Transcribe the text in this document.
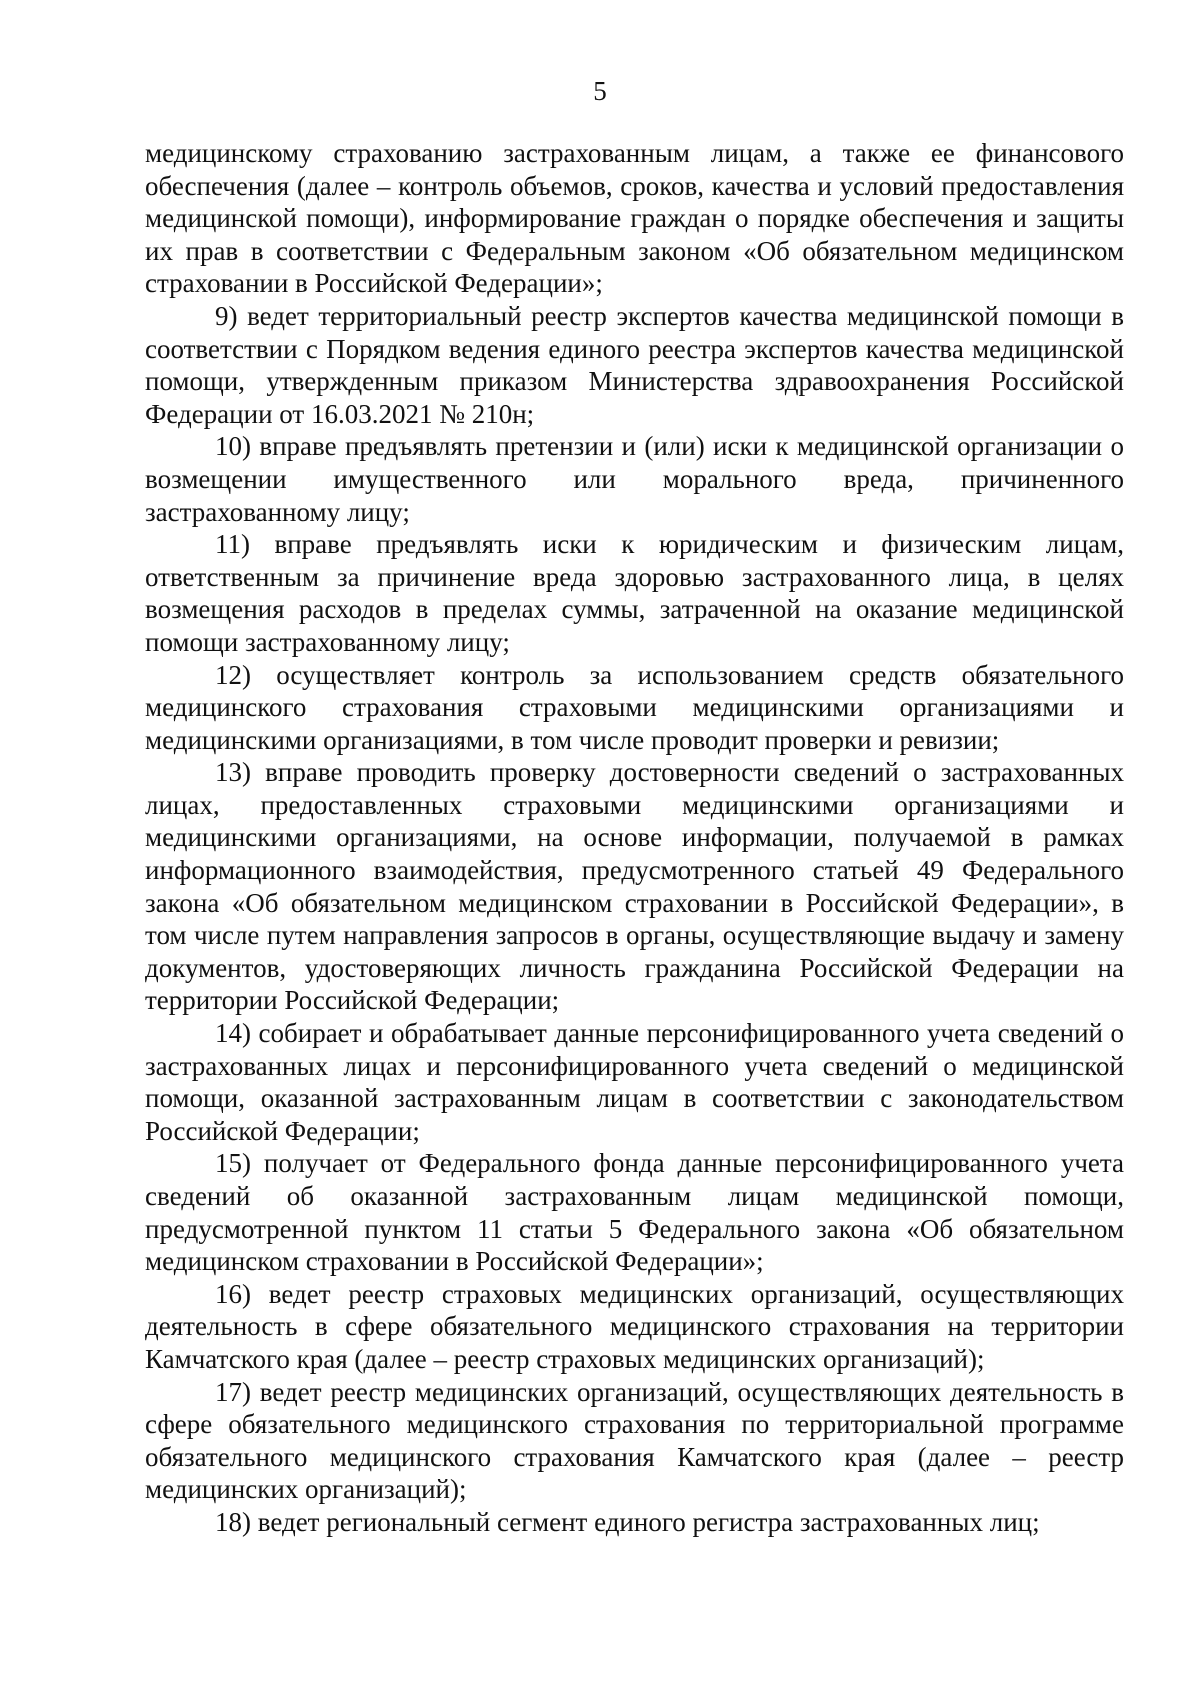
5

медицинскому страхованию застрахованным лицам, а также ее финансового обеспечения (далее – контроль объемов, сроков, качества и условий предоставления медицинской помощи), информирование граждан о порядке обеспечения и защиты их прав в соответствии с Федеральным законом «Об обязательном медицинском страховании в Российской Федерации»;

9) ведет территориальный реестр экспертов качества медицинской помощи в соответствии с Порядком ведения единого реестра экспертов качества медицинской помощи, утвержденным приказом Министерства здравоохранения Российской Федерации от 16.03.2021 № 210н;

10) вправе предъявлять претензии и (или) иски к медицинской организации о возмещении имущественного или морального вреда, причиненного застрахованному лицу;

11) вправе предъявлять иски к юридическим и физическим лицам, ответственным за причинение вреда здоровью застрахованного лица, в целях возмещения расходов в пределах суммы, затраченной на оказание медицинской помощи застрахованному лицу;

12) осуществляет контроль за использованием средств обязательного медицинского страхования страховыми медицинскими организациями и медицинскими организациями, в том числе проводит проверки и ревизии;

13) вправе проводить проверку достоверности сведений о застрахованных лицах, предоставленных страховыми медицинскими организациями и медицинскими организациями, на основе информации, получаемой в рамках информационного взаимодействия, предусмотренного статьей 49 Федерального закона «Об обязательном медицинском страховании в Российской Федерации», в том числе путем направления запросов в органы, осуществляющие выдачу и замену документов, удостоверяющих личность гражданина Российской Федерации на территории Российской Федерации;

14) собирает и обрабатывает данные персонифицированного учета сведений о застрахованных лицах и персонифицированного учета сведений о медицинской помощи, оказанной застрахованным лицам в соответствии с законодательством Российской Федерации;

15) получает от Федерального фонда данные персонифицированного учета сведений об оказанной застрахованным лицам медицинской помощи, предусмотренной пунктом 11 статьи 5 Федерального закона «Об обязательном медицинском страховании в Российской Федерации»;

16) ведет реестр страховых медицинских организаций, осуществляющих деятельность в сфере обязательного медицинского страхования на территории Камчатского края (далее – реестр страховых медицинских организаций);

17) ведет реестр медицинских организаций, осуществляющих деятельность в сфере обязательного медицинского страхования по территориальной программе обязательного медицинского страхования Камчатского края (далее – реестр медицинских организаций);

18) ведет региональный сегмент единого регистра застрахованных лиц;
